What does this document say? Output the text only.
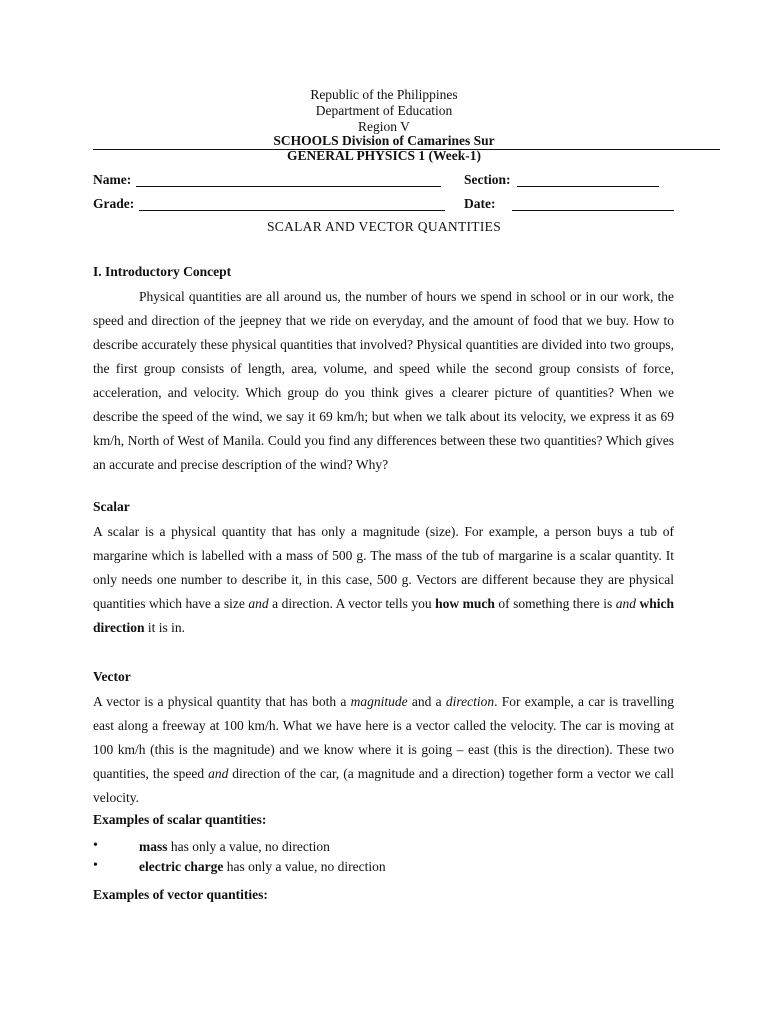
Republic of the Philippines
Department of Education
Region V
SCHOOLS Division of Camarines Sur
GENERAL PHYSICS 1 (Week-1)
Name:	Section:
Grade:	Date:
SCALAR AND VECTOR QUANTITIES
I. Introductory Concept

Physical quantities are all around us, the number of hours we spend in school or in our work, the speed and direction of the jeepney that we ride on everyday, and the amount of food that we buy. How to describe accurately these physical quantities that involved? Physical quantities are divided into two groups, the first group consists of length, area, volume, and speed while the second group consists of force, acceleration, and velocity. Which group do you think gives a clearer picture of quantities? When we describe the speed of the wind, we say it 69 km/h; but when we talk about its velocity, we express it as 69 km/h, North of West of Manila. Could you find any differences between these two quantities? Which gives an accurate and precise description of the wind? Why?

Scalar

A scalar is a physical quantity that has only a magnitude (size). For example, a person buys a tub of margarine which is labelled with a mass of 500 g. The mass of the tub of margarine is a scalar quantity. It only needs one number to describe it, in this case, 500 g. Vectors are different because they are physical quantities which have a size and a direction. A vector tells you how much of something there is and which direction it is in.

Vector

A vector is a physical quantity that has both a magnitude and a direction. For example, a car is travelling east along a freeway at 100 km/h. What we have here is a vector called the velocity. The car is moving at 100 km/h (this is the magnitude) and we know where it is going – east (this is the direction). These two quantities, the speed and direction of the car, (a magnitude and a direction) together form a vector we call velocity.

Examples of scalar quantities:
•	mass has only a value, no direction
•	electric charge has only a value, no direction
Examples of vector quantities:
